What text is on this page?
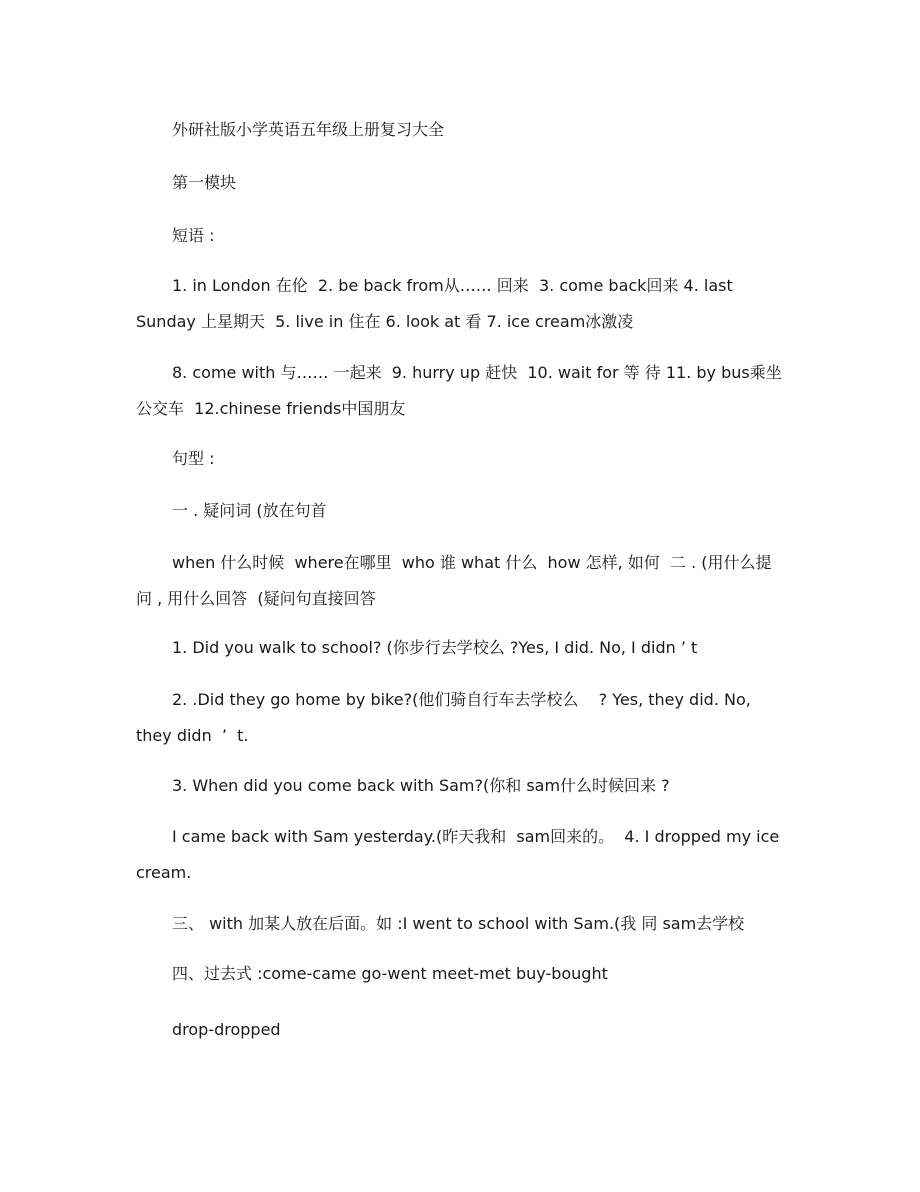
外研社版小学英语五年级上册复习大全
第一模块
短语 :
1. in London 在伦  2. be back from从…… 回来  3. come back回来 4. last Sunday 上星期天  5. live in 住在 6. look at 看 7. ice cream冰激凌
8. come with 与…… 一起来  9. hurry up 赶快  10. wait for 等 待 11. by bus乘坐公交车  12.chinese friends中国朋友
句型 :
一 . 疑问词 (放在句首
when 什么时候  where在哪里  who 谁 what 什么  how 怎样, 如何  二 . (用什么提问 , 用什么回答  (疑问句直接回答
1. Did you walk to school? (你步行去学校么 ?Yes, I did. No, I didn ’ t
2. .Did they go home by bike?(他们骑自行车去学校么    ? Yes, they did. No, they didn  ’  t.
3. When did you come back with Sam?(你和 sam什么时候回来 ?
I came back with Sam yesterday.(昨天我和  sam回来的。  4. I dropped my ice cream.
三、 with 加某人放在后面。如 :I went to school with Sam.(我 同 sam去学校
四、过去式 :come-came go-went meet-met buy-bought
drop-dropped
